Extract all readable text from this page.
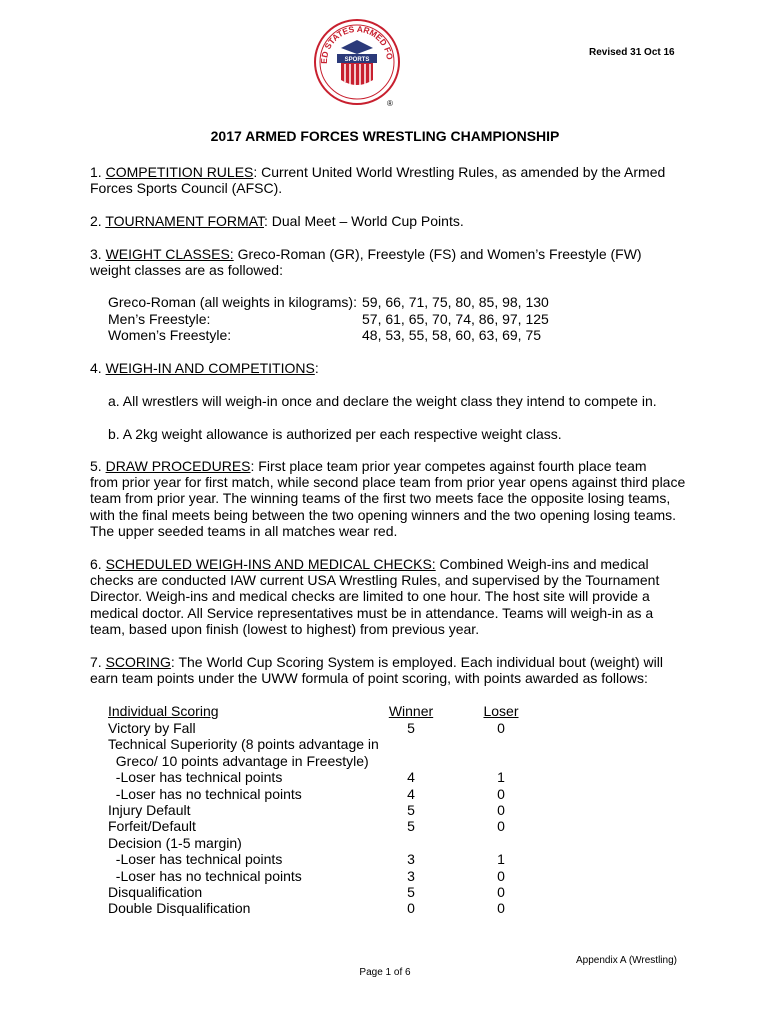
ED STATES ARMED FO
SPORTS
®
Revised 31 Oct 16
2017 ARMED FORCES WRESTLING CHAMPIONSHIP
1. COMPETITION RULES: Current United World Wrestling Rules, as amended by the Armed
Forces Sports Council (AFSC).
2. TOURNAMENT FORMAT: Dual Meet – World Cup Points.
3. WEIGHT CLASSES: Greco-Roman (GR), Freestyle (FS) and Women’s Freestyle (FW)
weight classes are as followed:
Greco-Roman (all weights in kilograms): 59, 66, 71, 75, 80, 85, 98, 130
Men’s Freestyle:	57, 61, 65, 70, 74, 86, 97, 125
Women’s Freestyle:	48, 53, 55, 58, 60, 63, 69, 75
4. WEIGH-IN AND COMPETITIONS:
a. All wrestlers will weigh-in once and declare the weight class they intend to compete in.
b. A 2kg weight allowance is authorized per each respective weight class.
5. DRAW PROCEDURES: First place team prior year competes against fourth place team
from prior year for first match, while second place team from prior year opens against third place
team from prior year. The winning teams of the first two meets face the opposite losing teams,
with the final meets being between the two opening winners and the two opening losing teams.
The upper seeded teams in all matches wear red.
6. SCHEDULED WEIGH-INS AND MEDICAL CHECKS: Combined Weigh-ins and medical
checks are conducted IAW current USA Wrestling Rules, and supervised by the Tournament
Director. Weigh-ins and medical checks are limited to one hour. The host site will provide a
medical doctor. All Service representatives must be in attendance. Teams will weigh-in as a
team, based upon finish (lowest to highest) from previous year.
7. SCORING: The World Cup Scoring System is employed. Each individual bout (weight) will
earn team points under the UWW formula of point scoring, with points awarded as follows:
Individual Scoring	Winner	Loser
Victory by Fall	5	0
Technical Superiority (8 points advantage in
Greco/ 10 points advantage in Freestyle)
-Loser has technical points	4	1
-Loser has no technical points	4	0
Injury Default	5	0
Forfeit/Default	5	0
Decision (1-5 margin)
-Loser has technical points	3	1
-Loser has no technical points	3	0
Disqualification	5	0
Double Disqualification	0	0
Appendix A (Wrestling)
Page 1 of 6
